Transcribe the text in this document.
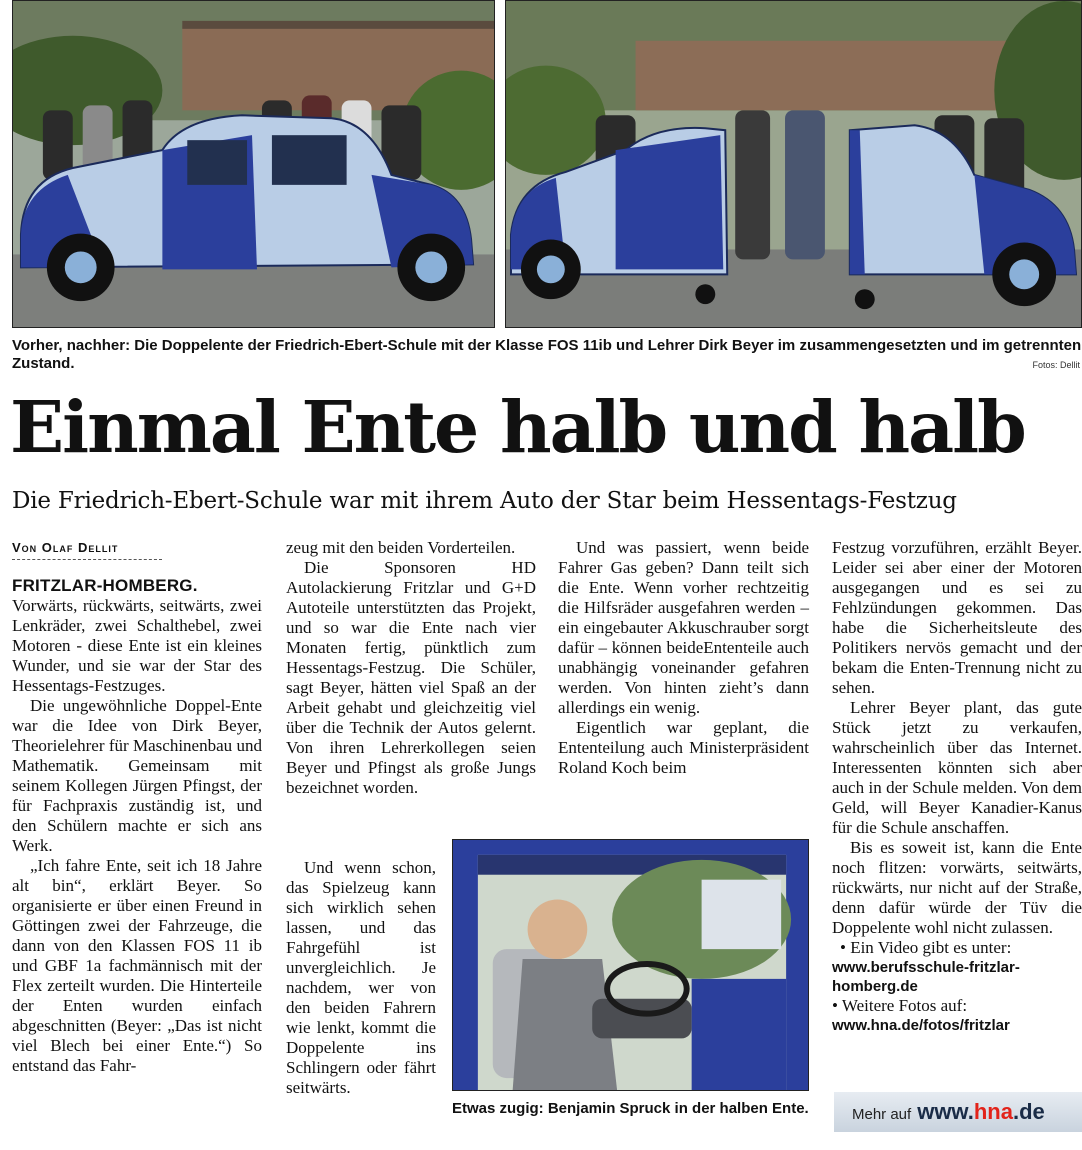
Vorher, nachher: Die Doppelente der Friedrich-Ebert-Schule mit der Klasse FOS 11ib und Lehrer Dirk Beyer im zusammengesetzten und im getrennten Zustand.	Fotos: Dellit
Einmal Ente halb und halb
Die Friedrich-Ebert-Schule war mit ihrem Auto der Star beim Hessentags-Festzug
Von Olaf Dellit

FRITZLAR-HOMBERG. Vorwärts, rückwärts, seitwärts, zwei Lenkräder, zwei Schalthebel, zwei Motoren - diese Ente ist ein kleines Wunder, und sie war der Star des Hessentags-Festzuges.

Die ungewöhnliche Doppel-Ente war die Idee von Dirk Beyer, Theorielehrer für Maschinenbau und Mathematik. Gemeinsam mit seinem Kollegen Jürgen Pfingst, der für Fachpraxis zuständig ist, und den Schülern machte er sich ans Werk.

„Ich fahre Ente, seit ich 18 Jahre alt bin“, erklärt Beyer. So organisierte er über einen Freund in Göttingen zwei der Fahrzeuge, die dann von den Klassen FOS 11 ib und GBF 1a fachmännisch mit der Flex zerteilt wurden. Die Hinterteile der Enten wurden einfach abgeschnitten (Beyer: „Das ist nicht viel Blech bei einer Ente.“) So entstand das Fahr-

zeug mit den beiden Vorderteilen.

Die Sponsoren HD Autolackierung Fritzlar und G+D Autoteile unterstützten das Projekt, und so war die Ente nach vier Monaten fertig, pünktlich zum Hessentags-Festzug. Die Schüler, sagt Beyer, hätten viel Spaß an der Arbeit gehabt und gleichzeitig viel über die Technik der Autos gelernt. Von ihren Lehrerkollegen seien Beyer und Pfingst als große Jungs bezeichnet worden.

Und wenn schon, das Spielzeug kann sich wirklich sehen lassen, und das Fahrgefühl ist unvergleichlich. Je nachdem, wer von den beiden Fahrern wie lenkt, kommt die Doppelente ins Schlingern oder fährt seitwärts.

Und was passiert, wenn beide Fahrer Gas geben? Dann teilt sich die Ente. Wenn vorher rechtzeitig die Hilfsräder ausgefahren werden – ein eingebauter Akkuschrauber sorgt dafür – können beideEntenteile auch unabhängig voneinander gefahren werden. Von hinten zieht’s dann allerdings ein wenig.

Eigentlich war geplant, die Ententeilung auch Ministerpräsident Roland Koch beim

Festzug vorzuführen, erzählt Beyer. Leider sei aber einer der Motoren ausgegangen und es sei zu Fehlzündungen gekommen. Das habe die Sicherheitsleute des Politikers nervös gemacht und der bekam die Enten-Trennung nicht zu sehen.

Lehrer Beyer plant, das gute Stück jetzt zu verkaufen, wahrscheinlich über das Internet. Interessenten könnten sich aber auch in der Schule melden. Von dem Geld, will Beyer Kanadier-Kanus für die Schule anschaffen.

Bis es soweit ist, kann die Ente noch flitzen: vorwärts, seitwärts, rückwärts, nur nicht auf der Straße, denn dafür würde der Tüv die Doppelente wohl nicht zulassen.

• Ein Video gibt es unter:

www.berufsschule-fritzlar-homberg.de

• Weitere Fotos auf:

www.hna.de/fotos/fritzlar
Etwas zugig: Benjamin Spruck in der halben Ente.	Mehr auf www.hna.de
